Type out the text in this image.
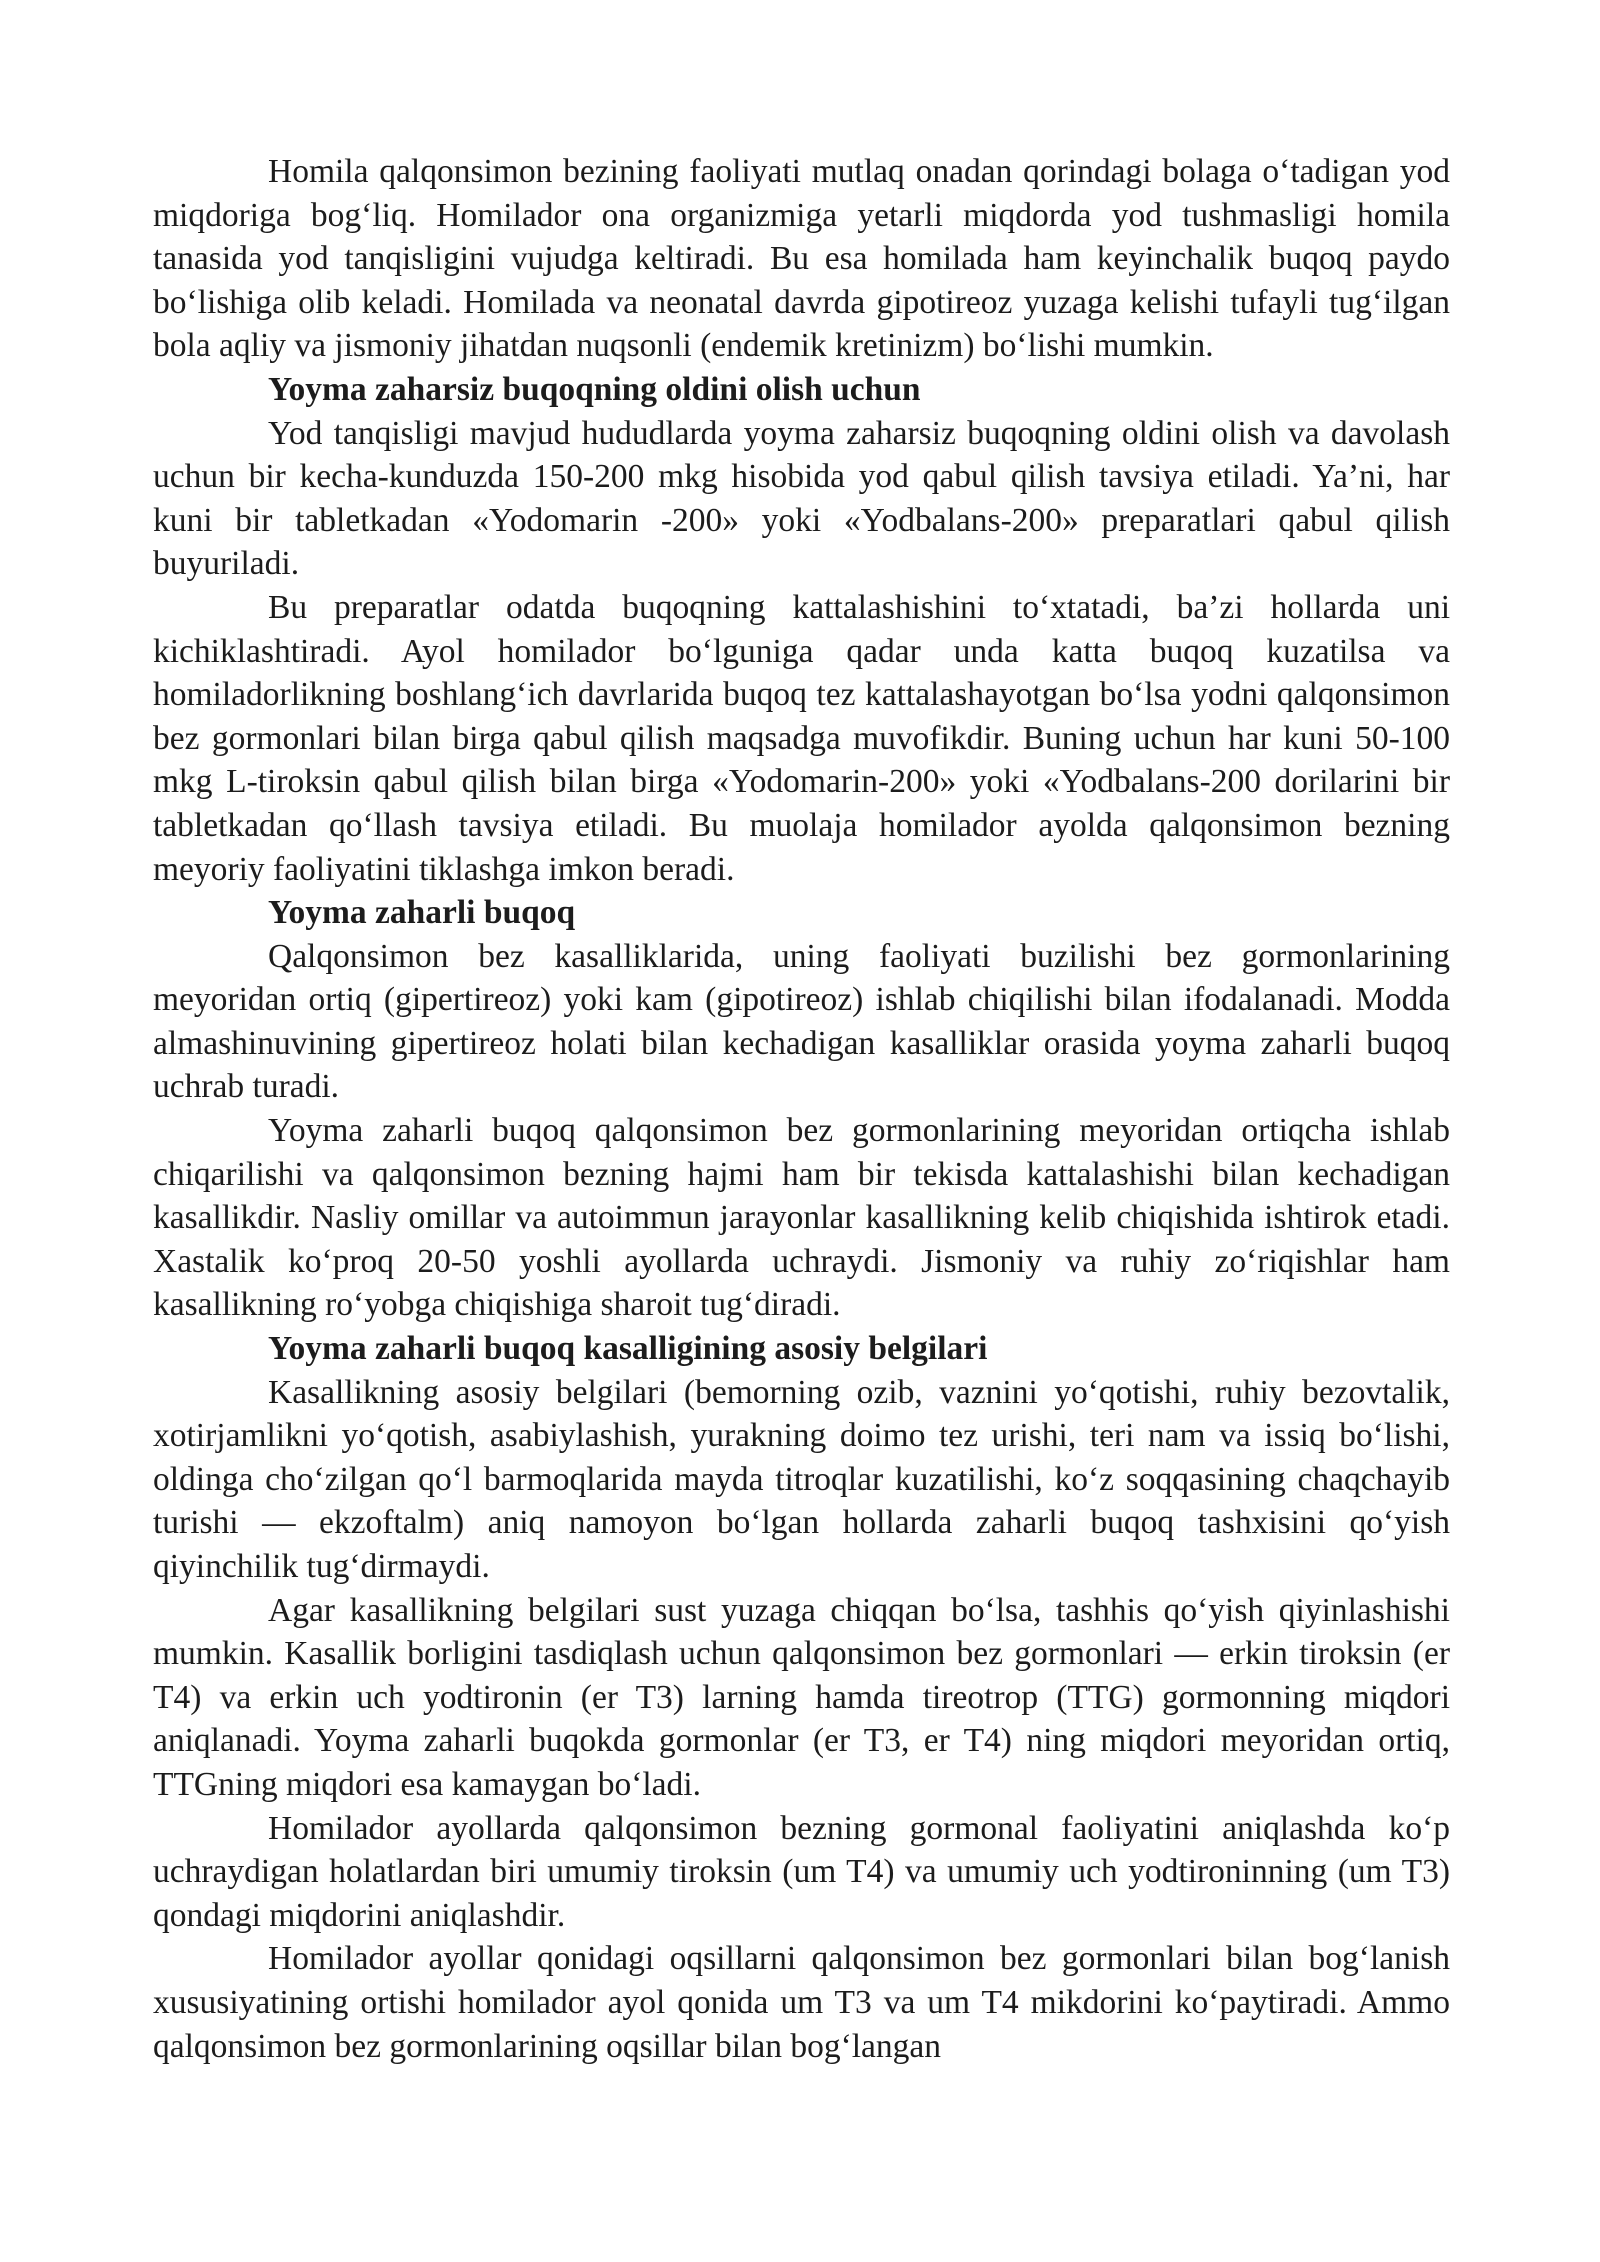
Homila qalqonsimon bezining faoliyati mutlaq onadan qorindagi bolaga o‘tadigan yod miqdoriga bog‘liq. Homilador ona organizmiga yetarli miqdorda yod tushmasligi homila tanasida yod tanqisligini vujudga keltiradi. Bu esa homilada ham keyinchalik buqoq paydo bo‘lishiga olib keladi. Homilada va neonatal davrda gipotireoz yuzaga kelishi tufayli tug‘ilgan bola aqliy va jismoniy jihatdan nuqsonli (endemik kretinizm) bo‘lishi mumkin.

Yoyma zaharsiz buqoqning oldini olish uchun

Yod tanqisligi mavjud hududlarda yoyma zaharsiz buqoqning oldini olish va davolash uchun bir kecha-kunduzda 150-200 mkg hisobida yod qabul qilish tavsiya etiladi. Ya’ni, har kuni bir tabletkadan «Yodomarin -200» yoki «Yodbalans-200» preparatlari qabul qilish buyuriladi.

Bu preparatlar odatda buqoqning kattalashishini to‘xtatadi, ba’zi hollarda uni kichiklashtiradi. Ayol homilador bo‘lguniga qadar unda katta buqoq kuzatilsa va homiladorlikning boshlang‘ich davrlarida buqoq tez kattalashayotgan bo‘lsa yodni qalqonsimon bez gormonlari bilan birga qabul qilish maqsadga muvofikdir. Buning uchun har kuni 50-100 mkg L-tiroksin qabul qilish bilan birga «Yodomarin-200» yoki «Yodbalans-200 dorilarini bir tabletkadan qo‘llash tavsiya etiladi. Bu muolaja homilador ayolda qalqonsimon bezning meyoriy faoliyatini tiklashga imkon beradi.

Yoyma zaharli buqoq

Qalqonsimon bez kasalliklarida, uning faoliyati buzilishi bez gormonlarining meyoridan ortiq (gipertireoz) yoki kam (gipotireoz) ishlab chiqilishi bilan ifodalanadi. Modda almashinuvining gipertireoz holati bilan kechadigan kasalliklar orasida yoyma zaharli buqoq uchrab turadi.

Yoyma zaharli buqoq qalqonsimon bez gormonlarining meyoridan ortiqcha ishlab chiqarilishi va qalqonsimon bezning hajmi ham bir tekisda kattalashishi bilan kechadigan kasallikdir. Nasliy omillar va autoimmun jarayonlar kasallikning kelib chiqishida ishtirok etadi. Xastalik ko‘proq 20-50 yoshli ayollarda uchraydi. Jismoniy va ruhiy zo‘riqishlar ham kasallikning ro‘yobga chiqishiga sharoit tug‘diradi.

Yoyma zaharli buqoq kasalligining asosiy belgilari

Kasallikning asosiy belgilari (bemorning ozib, vaznini yo‘qotishi, ruhiy bezovtalik, xotirjamlikni yo‘qotish, asabiylashish, yurakning doimo tez urishi, teri nam va issiq bo‘lishi, oldinga cho‘zilgan qo‘l barmoqlarida mayda titroqlar kuzatilishi, ko‘z soqqasining chaqchayib turishi — ekzoftalm) aniq namoyon bo‘lgan hollarda zaharli buqoq tashxisini qo‘yish qiyinchilik tug‘dirmaydi.

Agar kasallikning belgilari sust yuzaga chiqqan bo‘lsa, tashhis qo‘yish qiyinlashishi mumkin. Kasallik borligini tasdiqlash uchun qalqonsimon bez gormonlari — erkin tiroksin (er T4) va erkin uch yodtironin (er T3) larning hamda tireotrop (TTG) gormonning miqdori aniqlanadi. Yoyma zaharli buqokda gormonlar (er T3, er T4) ning miqdori meyoridan ortiq, TTGning miqdori esa kamaygan bo‘ladi.

Homilador ayollarda qalqonsimon bezning gormonal faoliyatini aniqlashda ko‘p uchraydigan holatlardan biri umumiy tiroksin (um T4) va umumiy uch yodtironinning (um T3) qondagi miqdorini aniqlashdir.

Homilador ayollar qonidagi oqsillarni qalqonsimon bez gormonlari bilan bog‘lanish xususiyatining ortishi homilador ayol qonida um T3 va um T4 mikdorini ko‘paytiradi. Ammo qalqonsimon bez gormonlarining oqsillar bilan bog‘langan
